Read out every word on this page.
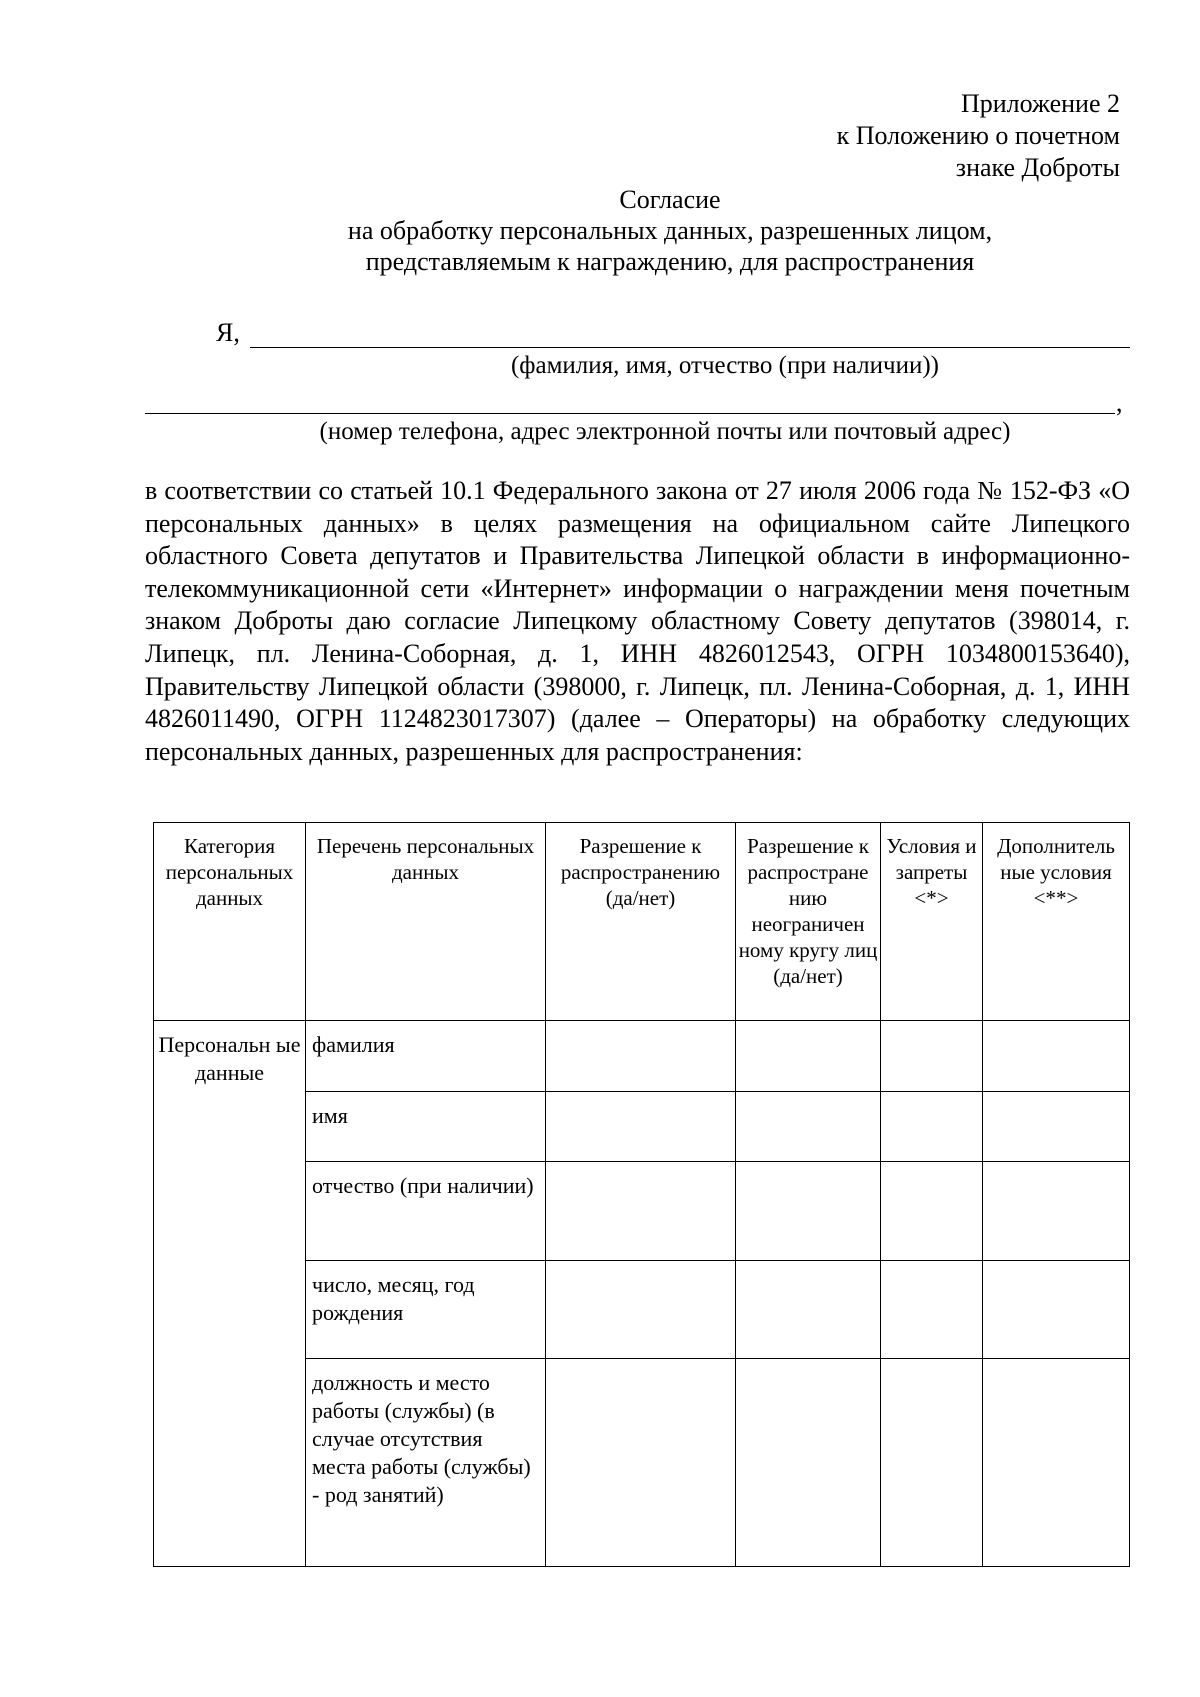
Приложение 2
к Положению о почетном
знаке Доброты
Согласие
на обработку персональных данных, разрешенных лицом,
представляемым к награждению, для распространения
Я,
(фамилия, имя, отчество (при наличии))
,
(номер телефона, адрес электронной почты или почтовый адрес)
в соответствии со статьей 10.1 Федерального закона от 27 июля 2006 года № 152-ФЗ «О персональных данных» в целях размещения на официальном сайте Липецкого областного Совета депутатов и Правительства Липецкой области в информационно-телекоммуникационной сети «Интернет» информации о награждении меня почетным знаком Доброты даю согласие Липецкому областному Совету депутатов (398014, г. Липецк, пл. Ленина-Соборная, д. 1, ИНН 4826012543, ОГРН 1034800153640), Правительству Липецкой области (398000, г. Липецк, пл. Ленина-Соборная, д. 1, ИНН 4826011490, ОГРН 1124823017307) (далее – Операторы) на обработку следующих персональных данных, разрешенных для распространения:
Категория персональных данных	Перечень персональных данных	Разрешение к распространению (да/нет)	Разрешение к распростране нию неограничен ному кругу лиц (да/нет)	Условия и запреты <*>	Дополнитель ные условия <**>
Персональн ые данные	фамилия				
	имя				
	отчество (при наличии)				
	число, месяц, год рождения				
	должность и место работы (службы) (в случае отсутствия места работы (службы) - род занятий)				
